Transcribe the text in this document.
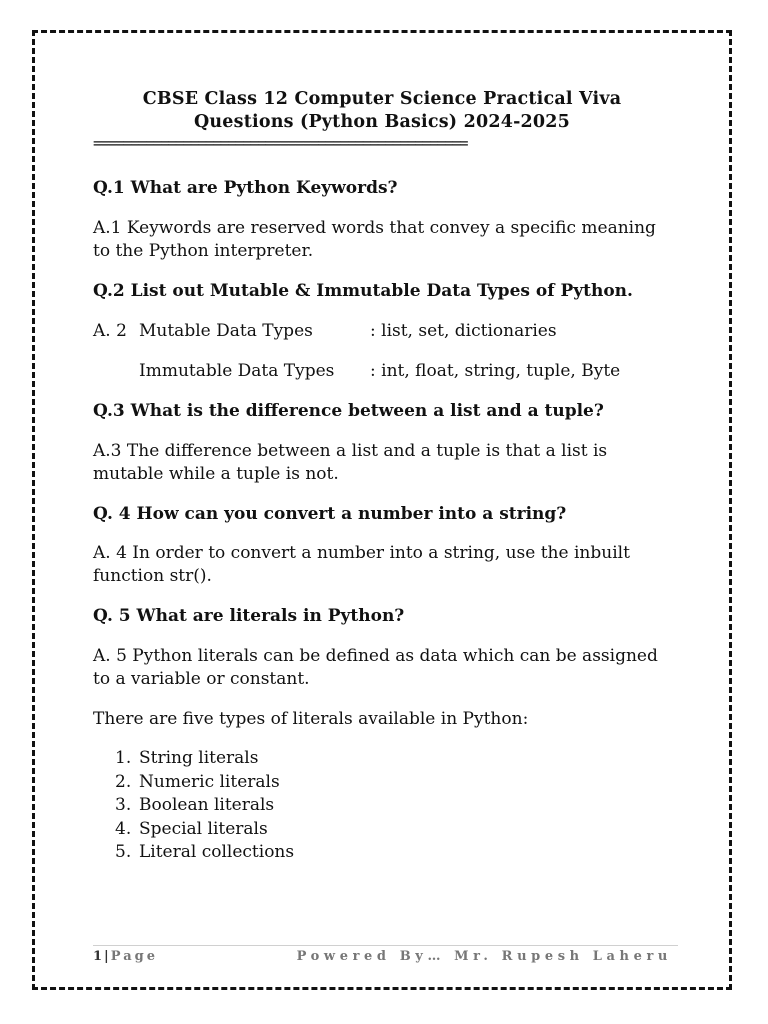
CBSE Class 12 Computer Science Practical Viva
Questions (Python Basics) 2024-2025
==================================================
Q.1 What are Python Keywords?
A.1 Keywords are reserved words that convey a specific meaning to the Python interpreter.
Q.2 List out Mutable & Immutable Data Types of Python.
A. 2 Mutable Data Types	: list, set, dictionaries
Immutable Data Types : int, float, string, tuple, Byte
Q.3 What is the difference between a list and a tuple?
A.3 The difference between a list and a tuple is that a list is mutable while a tuple is not.
Q. 4 How can you convert a number into a string?
A. 4 In order to convert a number into a string, use the inbuilt function str().
Q. 5 What are literals in Python?
A. 5 Python literals can be defined as data which can be assigned to a variable or constant.
There are five types of literals available in Python:
1. String literals
2. Numeric literals
3. Boolean literals
4. Special literals
5. Literal collections
1|Page	Powered By… Mr. Rupesh Laheru
